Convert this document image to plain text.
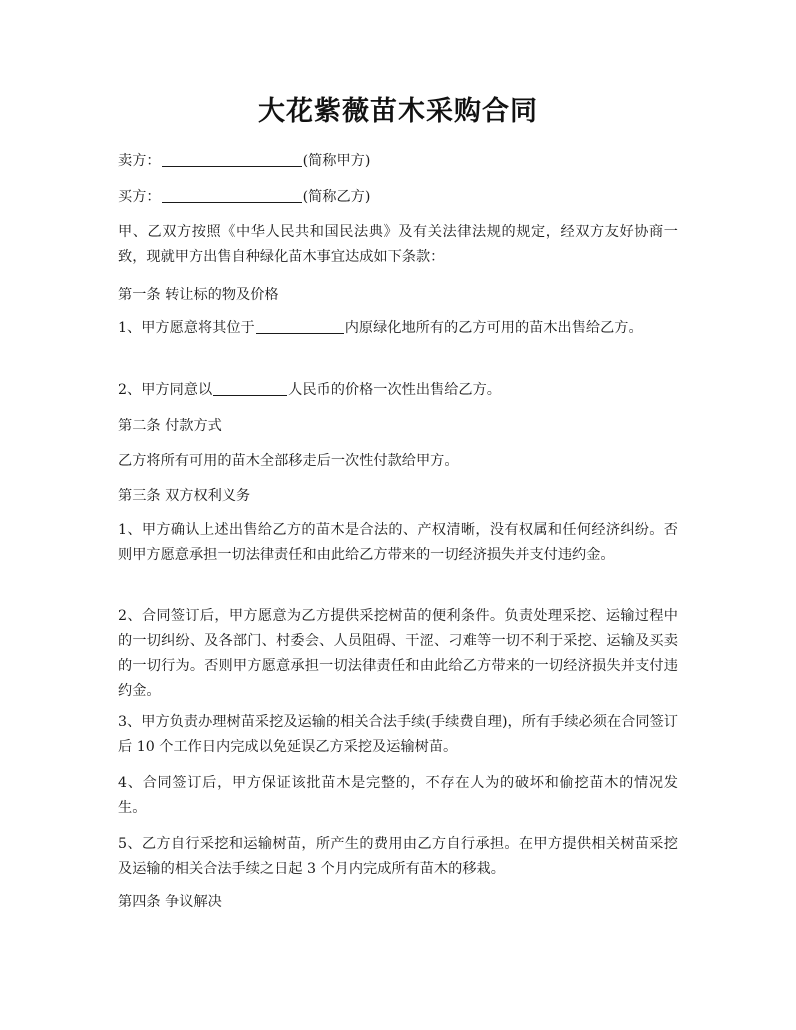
大花紫薇苗木采购合同

卖方：	(简称甲方)

买方：	(简称乙方)

甲、乙双方按照《中华人民共和国民法典》及有关法律法规的规定，经双方友好协商一致，现就甲方出售自种绿化苗木事宜达成如下条款：

第一条 转让标的物及价格

1、甲方愿意将其位于	内原绿化地所有的乙方可用的苗木出售给乙方。

2、甲方同意以	人民币的价格一次性出售给乙方。

第二条 付款方式

乙方将所有可用的苗木全部移走后一次性付款给甲方。

第三条 双方权利义务

1、甲方确认上述出售给乙方的苗木是合法的、产权清晰，没有权属和任何经济纠纷。否则甲方愿意承担一切法律责任和由此给乙方带来的一切经济损失并支付违约金。

2、合同签订后，甲方愿意为乙方提供采挖树苗的便利条件。负责处理采挖、运输过程中的一切纠纷、及各部门、村委会、人员阻碍、干涩、刁难等一切不利于采挖、运输及买卖的一切行为。否则甲方愿意承担一切法律责任和由此给乙方带来的一切经济损失并支付违约金。

3、甲方负责办理树苗采挖及运输的相关合法手续(手续费自理)，所有手续必须在合同签订后 10 个工作日内完成以免延误乙方采挖及运输树苗。

4、合同签订后，甲方保证该批苗木是完整的，不存在人为的破坏和偷挖苗木的情况发生。

5、乙方自行采挖和运输树苗，所产生的费用由乙方自行承担。在甲方提供相关树苗采挖及运输的相关合法手续之日起 3 个月内完成所有苗木的移栽。

第四条 争议解决
